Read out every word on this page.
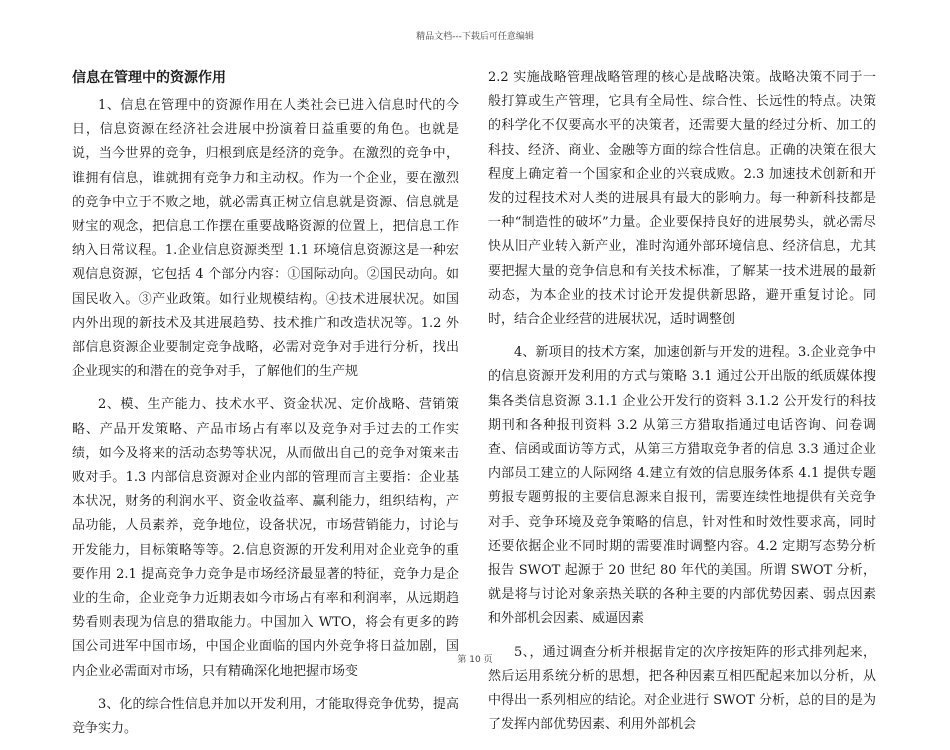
精品文档---下载后可任意编辑
信息在管理中的资源作用

1、信息在管理中的资源作用在人类社会已进入信息时代的今日，信息资源在经济社会进展中扮演着日益重要的角色。也就是说，当今世界的竞争，归根到底是经济的竞争。在激烈的竞争中，谁拥有信息，谁就拥有竞争力和主动权。作为一个企业，要在激烈的竞争中立于不败之地，就必需真正树立信息就是资源、信息就是财宝的观念，把信息工作摆在重要战略资源的位置上，把信息工作纳入日常议程。1.企业信息资源类型 1.1 环境信息资源这是一种宏观信息资源，它包括 4 个部分内容：①国际动向。②国民动向。如国民收入。③产业政策。如行业规模结构。④技术进展状况。如国内外出现的新技术及其进展趋势、技术推广和改造状况等。1.2 外部信息资源企业要制定竞争战略，必需对竞争对手进行分析，找出企业现实的和潜在的竞争对手，了解他们的生产规

2、模、生产能力、技术水平、资金状况、定价战略、营销策略、产品开发策略、产品市场占有率以及竞争对手过去的工作实绩，如今及将来的活动态势等状况，从而做出自己的竞争对策来击败对手。1.3 内部信息资源对企业内部的管理而言主要指：企业基本状况，财务的利润水平、资金收益率、赢利能力，组织结构，产品功能，人员素养，竞争地位，设备状况，市场营销能力，讨论与开发能力，目标策略等等。2.信息资源的开发利用对企业竞争的重要作用 2.1 提高竞争力竞争是市场经济最显著的特征，竞争力是企业的生命，企业竞争力近期表如今市场占有率和利润率，从远期趋势看则表现为信息的猎取能力。中国加入 WTO，将会有更多的跨国公司进军中国市场，中国企业面临的国内外竞争将日益加剧，国内企业必需面对市场，只有精确深化地把握市场变

3、化的综合性信息并加以开发利用，才能取得竞争优势，提高竞争实力。

2.2 实施战略管理战略管理的核心是战略决策。战略决策不同于一般打算或生产管理，它具有全局性、综合性、长远性的特点。决策的科学化不仅要高水平的决策者，还需要大量的经过分析、加工的科技、经济、商业、金融等方面的综合性信息。正确的决策在很大程度上确定着一个国家和企业的兴衰成败。2.3 加速技术创新和开发的过程技术对人类的进展具有最大的影响力。每一种新科技都是一种“制造性的破坏”力量。企业要保持良好的进展势头，就必需尽快从旧产业转入新产业，准时沟通外部环境信息、经济信息，尤其要把握大量的竞争信息和有关技术标准，了解某一技术进展的最新动态，为本企业的技术讨论开发提供新思路，避开重复讨论。同时，结合企业经营的进展状况，适时调整创

4、新项目的技术方案，加速创新与开发的进程。3.企业竞争中的信息资源开发利用的方式与策略 3.1 通过公开出版的纸质媒体搜集各类信息资源 3.1.1 企业公开发行的资料 3.1.2 公开发行的科技期刊和各种报刊资料 3.2 从第三方猎取指通过电话咨询、问卷调查、信函或面访等方式，从第三方猎取竞争者的信息 3.3 通过企业内部员工建立的人际网络 4.建立有效的信息服务体系 4.1 提供专题剪报专题剪报的主要信息源来自报刊，需要连续性地提供有关竞争对手、竞争环境及竞争策略的信息，针对性和时效性要求高，同时还要依据企业不同时期的需要准时调整内容。4.2 定期写态势分析报告 SWOT 起源于 20 世纪 80 年代的美国。所谓 SWOT 分析，就是将与讨论对象亲热关联的各种主要的内部优势因素、弱点因素和外部机会因素、威逼因素

5、，通过调查分析并根据肯定的次序按矩阵的形式排列起来，然后运用系统分析的思想，把各种因素互相匹配起来加以分析，从中得出一系列相应的结论。对企业进行 SWOT 分析，总的目的是为了发挥内部优势因素、利用外部机会

第 10 页
